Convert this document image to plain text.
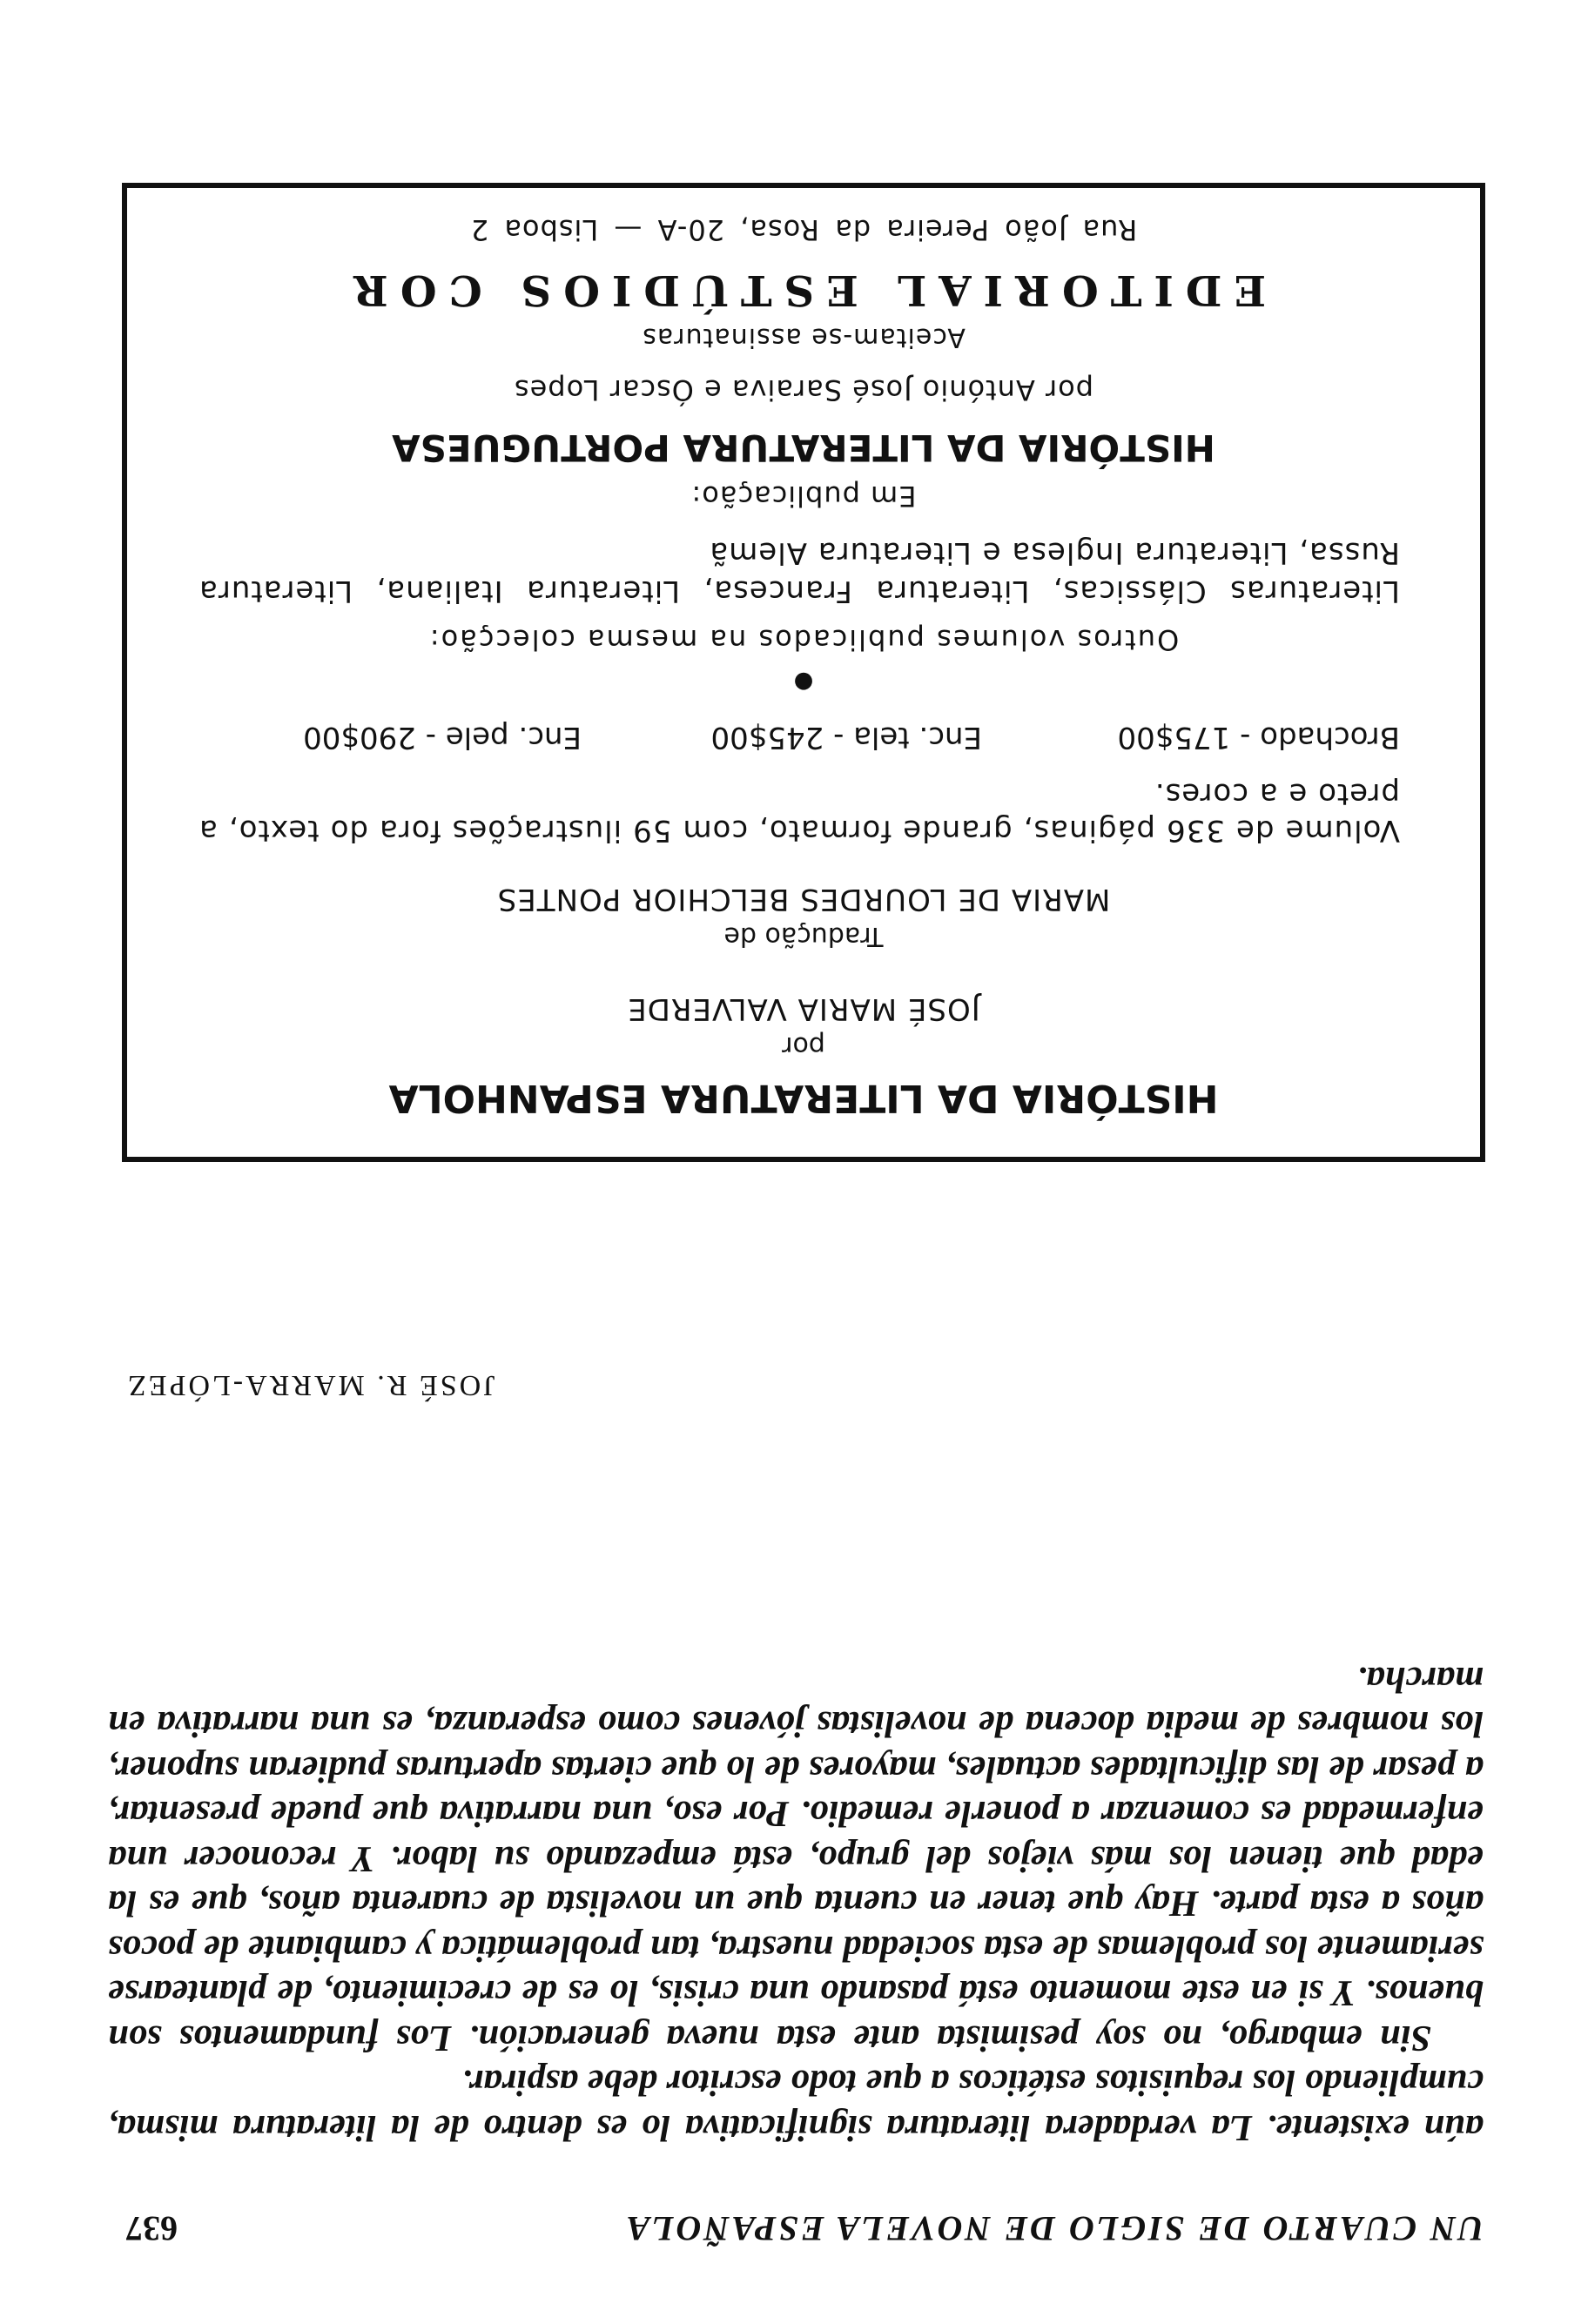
UN CUARTO DE SIGLO DE NOVELA ESPAÑOLA
637

aún existente. La verdadera literatura significativa lo es dentro de la literatura misma, cumpliendo los requisitos estéticos a que todo escritor debe aspirar.

Sin embargo, no soy pesimista ante esta nueva generación. Los fundamentos son buenos. Y si en este momento está pasando una crisis, lo es de crecimiento, de plantearse seriamente los problemas de esta sociedad nuestra, tan problemática y cambiante de pocos años a esta parte. Hay que tener en cuenta que un novelista de cuarenta años, que es la edad que tienen los más viejos del grupo, está empezando su labor. Y reconocer una enfermedad es comenzar a ponerle remedio. Por eso, una narrativa que puede presentar, a pesar de las dificultades actuales, mayores de lo que ciertas aperturas pudieran suponer, los nombres de media docena de novelistas jóvenes como esperanza, es una narrativa en marcha.

JOSÉ R. MARRA-LÓPEZ
HISTÓRIA DA LITERATURA ESPANHOLA
por
JOSÉ MARIA VALVERDE
Tradução de
MARIA DE LOURDES BELCHIOR PONTES
Volume de 336 páginas, grande formato, com 59 ilustrações fora do texto, a preto e a cores.
Brochado - 175$00
Enc. tela - 245$00
Enc. pele - 290$00
●
Outros volumes publicados na mesma colecção:
Literaturas Clássicas, Literatura Francesa, Literatura Italiana, Literatura Russa, Literatura Inglesa e Literatura Alemã
Em publicação:
HISTÓRIA DA LITERATURA PORTUGUESA
por António José Saraiva e Óscar Lopes
Aceitam-se assinaturas
EDITORIAL ESTÚDIOS COR
Rua João Pereira da Rosa, 20-A — Lisboa 2
